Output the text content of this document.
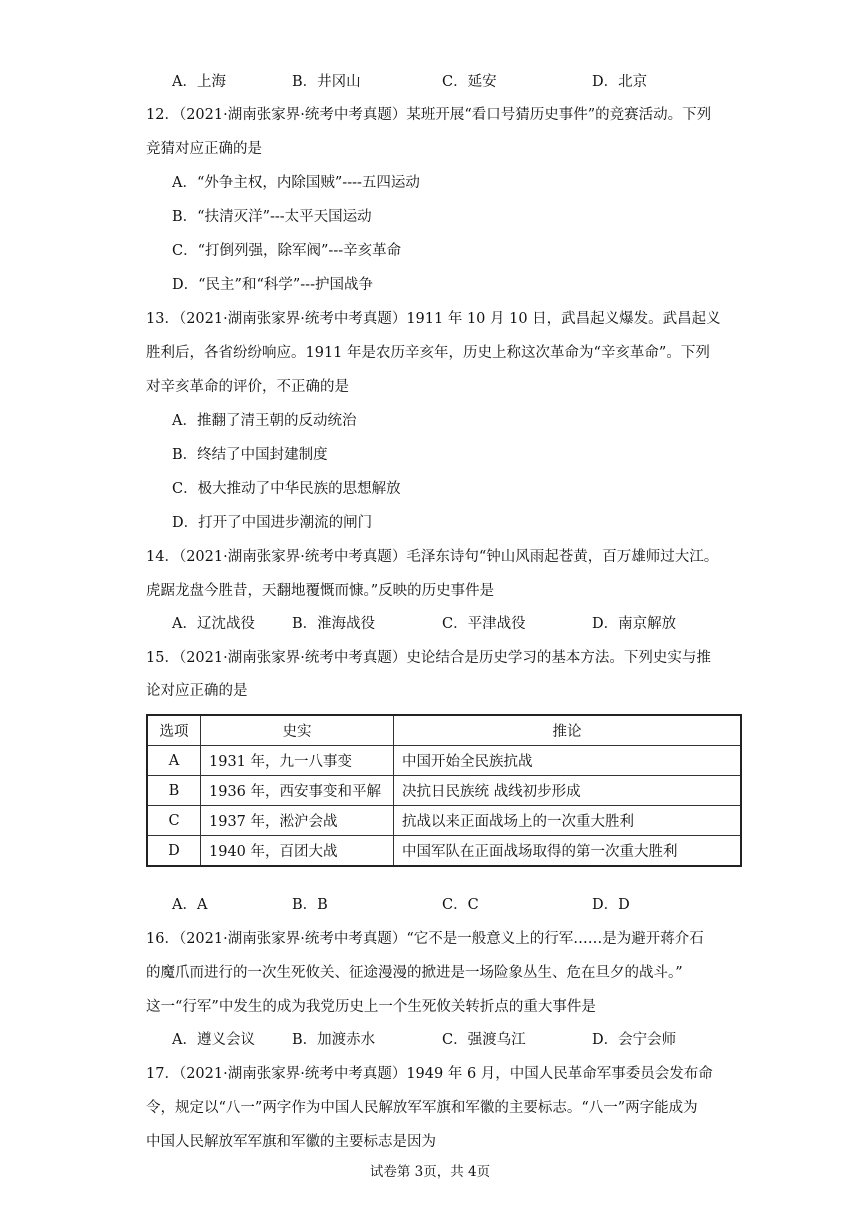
A．上海	B．井冈山	C．延安	D．北京
12．（2021·湖南张家界·统考中考真题）某班开展“看口号猜历史事件”的竞赛活动。下列
竞猜对应正确的是
A．“外争主权，内除国贼”----五四运动
B．“扶清灭洋”---太平天国运动
C．“打倒列强，除军阀”---辛亥革命
D．“民主”和“科学”---护国战争
13．（2021·湖南张家界·统考中考真题）1911 年 10 月 10 日，武昌起义爆发。武昌起义
胜利后，各省纷纷响应。1911 年是农历辛亥年，历史上称这次革命为“辛亥革命”。下列
对辛亥革命的评价，不正确的是
A．推翻了清王朝的反动统治
B．终结了中国封建制度
C．极大推动了中华民族的思想解放
D．打开了中国进步潮流的闸门
14．（2021·湖南张家界·统考中考真题）毛泽东诗句“钟山风雨起苍黄，百万雄师过大江。
虎踞龙盘今胜昔，天翻地覆慨而慷。”反映的历史事件是
A．辽沈战役	B．淮海战役	C．平津战役	D．南京解放
15．（2021·湖南张家界·统考中考真题）史论结合是历史学习的基本方法。下列史实与推
论对应正确的是
选项	史实	推论
A	1931 年，九一八事变	中国开始全民族抗战
B	1936 年，西安事变和平解	决抗日民族统 战线初步形成
C	1937 年，淞沪会战	抗战以来正面战场上的一次重大胜利
D	1940 年，百团大战	中国军队在正面战场取得的第一次重大胜利
A．A	B．B	C．C	D．D
16．（2021·湖南张家界·统考中考真题）“它不是一般意义上的行军……是为避开蒋介石
的魔爪而进行的一次生死攸关、征途漫漫的掀进是一场险象丛生、危在旦夕的战斗。”
这一“行军”中发生的成为我党历史上一个生死攸关转折点的重大事件是
A．遵义会议	B．加渡赤水	C．强渡乌江	D．会宁会师
17．（2021·湖南张家界·统考中考真题）1949 年 6 月，中国人民革命军事委员会发布命
令，规定以“八一”两字作为中国人民解放军军旗和军徽的主要标志。“八一”两字能成为
中国人民解放军军旗和军徽的主要标志是因为
试卷第 3页，共 4页
